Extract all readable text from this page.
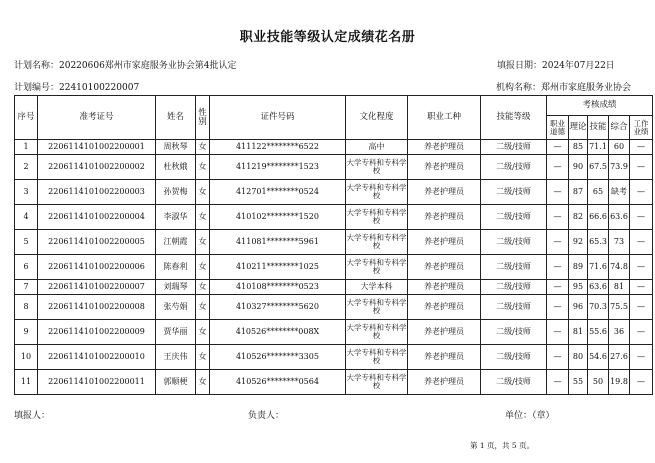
职业技能等级认定成绩花名册
计划名称：20220606郑州市家庭服务业协会第4批认定	填报日期：2024年07月22日
计划编号：22410100220007	机构名称：郑州市家庭服务业协会
序号	准考证号	姓名	性别	证件号码	文化程度	职业工种	技能等级	考核成绩				
								职业道德	理论	技能	综合	工作业绩
1	2206114101002200001	周秋琴	女	411122********6522	高中	养老护理员	二级/技师	—	85	71.1	60	—
2	2206114101002200002	杜秋娥	女	411219********1523	大学专科和专科学校	养老护理员	二级/技师	—	90	67.5	73.9	—
3	2206114101002200003	孙贺梅	女	412701********0524	大学专科和专科学校	养老护理员	二级/技师	—	87	65	缺考	—
4	2206114101002200004	李淑华	女	410102********1520	大学专科和专科学校	养老护理员	二级/技师	—	82	66.6	63.6	—
5	2206114101002200005	江朝霞	女	411081********5961	大学专科和专科学校	养老护理员	二级/技师	—	92	65.3	73	—
6	2206114101002200006	陈春利	女	410211********1025	大学专科和专科学校	养老护理员	二级/技师	—	89	71.6	74.8	—
7	2206114101002200007	刘瑞琴	女	410108********0523	大学本科	养老护理员	二级/技师	—	95	63.6	81	—
8	2206114101002200008	张芍娟	女	410327********5620	大学专科和专科学校	养老护理员	二级/技师	—	96	70.3	75.5	—
9	2206114101002200009	贾华丽	女	410526********008X	大学专科和专科学校	养老护理员	二级/技师	—	81	55.6	36	—
10	2206114101002200010	王庆伟	女	410526********3305	大学专科和专科学校	养老护理员	二级/技师	—	80	54.6	27.6	—
11	2206114101002200011	郭顺梗	女	410526********0564	大学专科和专科学校	养老护理员	二级/技师	—	55	50	19.8	—
填报人：	负责人：	单位：（章）
第 1 页，共 5 页。
